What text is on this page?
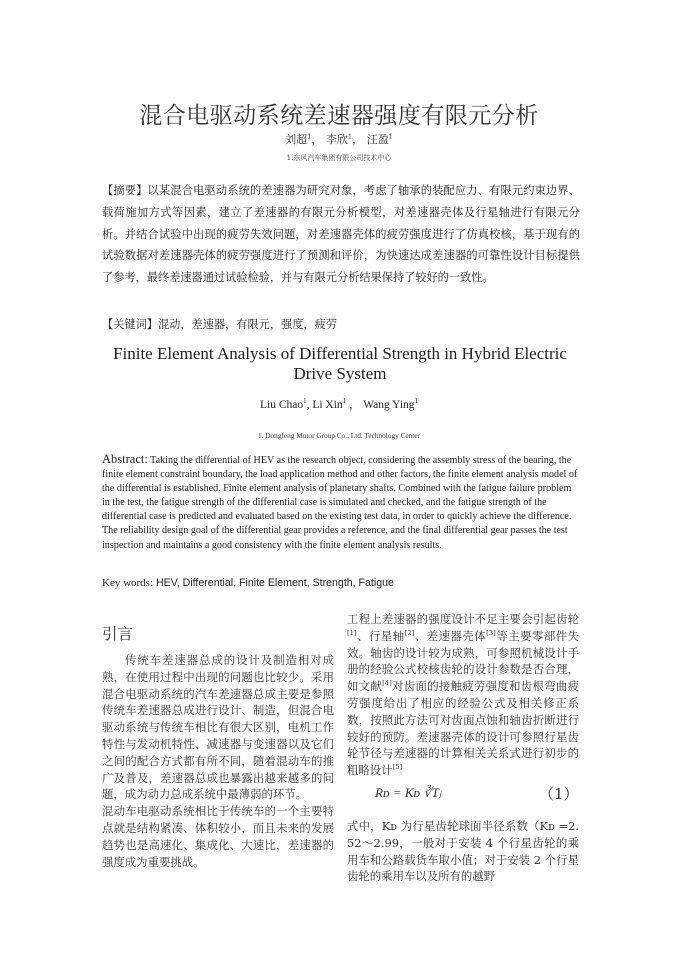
混合电驱动系统差速器强度有限元分析
刘超$^1$， 李欣$^1$， 汪盈$^1$
1.东风汽车集团有限公司技术中心
【摘要】以某混合电驱动系统的差速器为研究对象，考虑了轴承的装配应力、有限元约束边界、载荷施加方式等因素，建立了差速器的有限元分析模型，对差速器壳体及行星轴进行有限元分析。并结合试验中出现的疲劳失效问题，对差速器壳体的疲劳强度进行了仿真校核，基于现有的试验数据对差速器壳体的疲劳强度进行了预测和评价，为快速达成差速器的可靠性设计目标提供了参考，最终差速器通过试验检验，并与有限元分析结果保持了较好的一致性。
【关键词】混动，差速器，有限元，强度，疲劳
Finite Element Analysis of Differential Strength in Hybrid Electric Drive System
Liu Chao$^1$, Li Xin$^1$ ， Wang Ying$^1$
1. Dongfeng Motor Group Co., Ltd. Technology Center
Abstract: Taking the differential of HEV as the research object, considering the assembly stress of the bearing, the finite element constraint boundary, the load application method and other factors, the finite element analysis model of the differential is established. Finite element analysis of planetary shafts. Combined with the fatigue failure problem in the test, the fatigue strength of the differential case is simulated and checked, and the fatigue strength of the differential case is predicted and evaluated based on the existing test data, in order to quickly achieve the difference. The reliability design goal of the differential gear provides a reference, and the final differential gear passes the test inspection and maintains a good consistency with the finite element analysis results.
Key words: HEV, Differential, Finite Element, Strength, Fatigue
引言
传统车差速器总成的设计及制造相对成熟，在使用过程中出现的问题也比较少。采用混合电驱动系统的汽车差速器总成主要是参照传统车差速器总成进行设计、制造，但混合电驱动系统与传统车相比有很大区别，电机工作特性与发动机特性、减速器与变速器以及它们之间的配合方式都有所不同，随着混动车的推广及普及，差速器总成也暴露出越来越多的问题，成为动力总成系统中最薄弱的环节。
混动车电驱动系统相比于传统车的一个主要特点就是结构紧凑、体积较小，而且未来的发展趋势也是高速化、集成化、大速比，差速器的强度成为重要挑战。
工程上差速器的强度设计不足主要会引起齿轮[1]、行星轴[2]、差速器壳体[3]等主要零部件失效。轴齿的设计较为成熟，可参照机械设计手册的经验公式校核齿轮的设计参数是否合理，如文献[4]对齿面的接触疲劳强度和齿根弯曲疲劳强度给出了相应的经验公式及相关修正系数，按照此方法可对齿面点蚀和轴齿折断进行较好的预防。差速器壳体的设计可参照行星齿轮节径与差速器的计算相关关系式进行初步的粗略设计[5]
Rᴅ = Kᴅ ∛Tⱼ	（1）
式中，Kᴅ 为行星齿轮球面半径系数（Kᴅ =2.52～2.99，一般对于安装 4 个行星齿轮的乘用车和公路载货车取小值；对于安装 2 个行星齿轮的乘用车以及所有的越野
